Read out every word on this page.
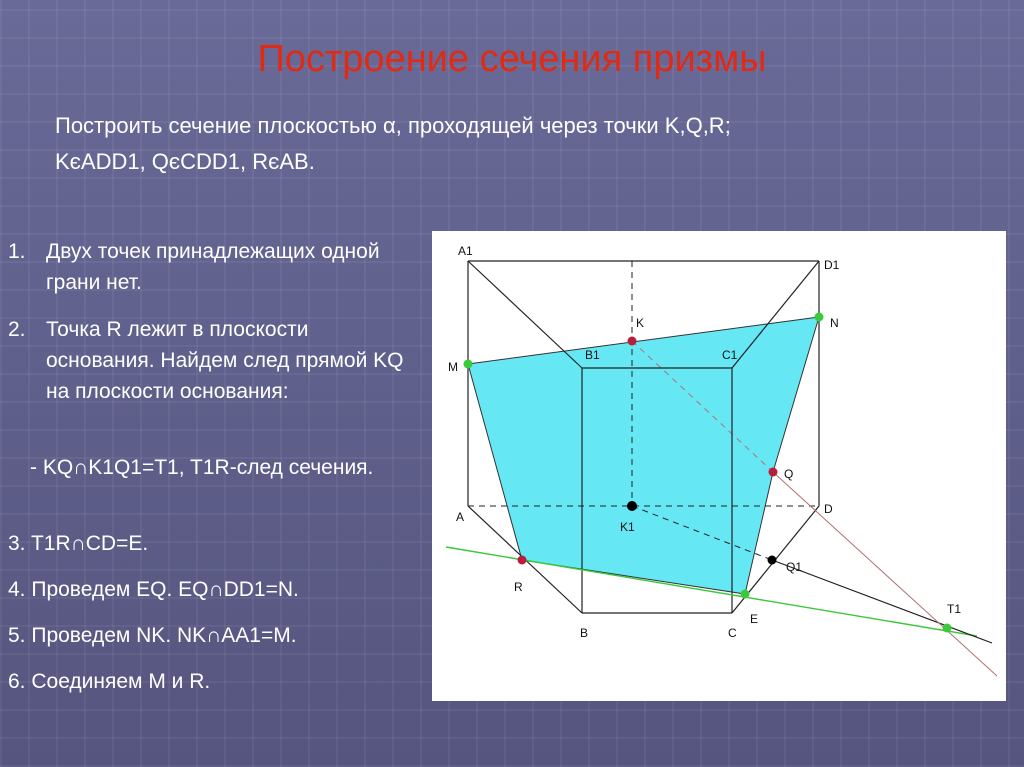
Построение сечения призмы
Построить сечение плоскостью α, проходящей через точки K,Q,R;
KєADD1, QєCDD1, RєAB.
1. Двух точек принадлежащих одной грани нет.
2. Точка R лежит в плоскости основания. Найдем след прямой KQ на плоскости основания:
- KQ∩K1Q1=T1, T1R-след сечения.
3. T1R∩CD=E.
4. Проведем EQ. EQ∩DD1=N.
5. Проведем NK. NK∩AA1=M.
6. Соединяем M и R.
A1
D1
B1	C1
K
M
N
Q
A
D
K1
Q1
R
E
B	C
T1
